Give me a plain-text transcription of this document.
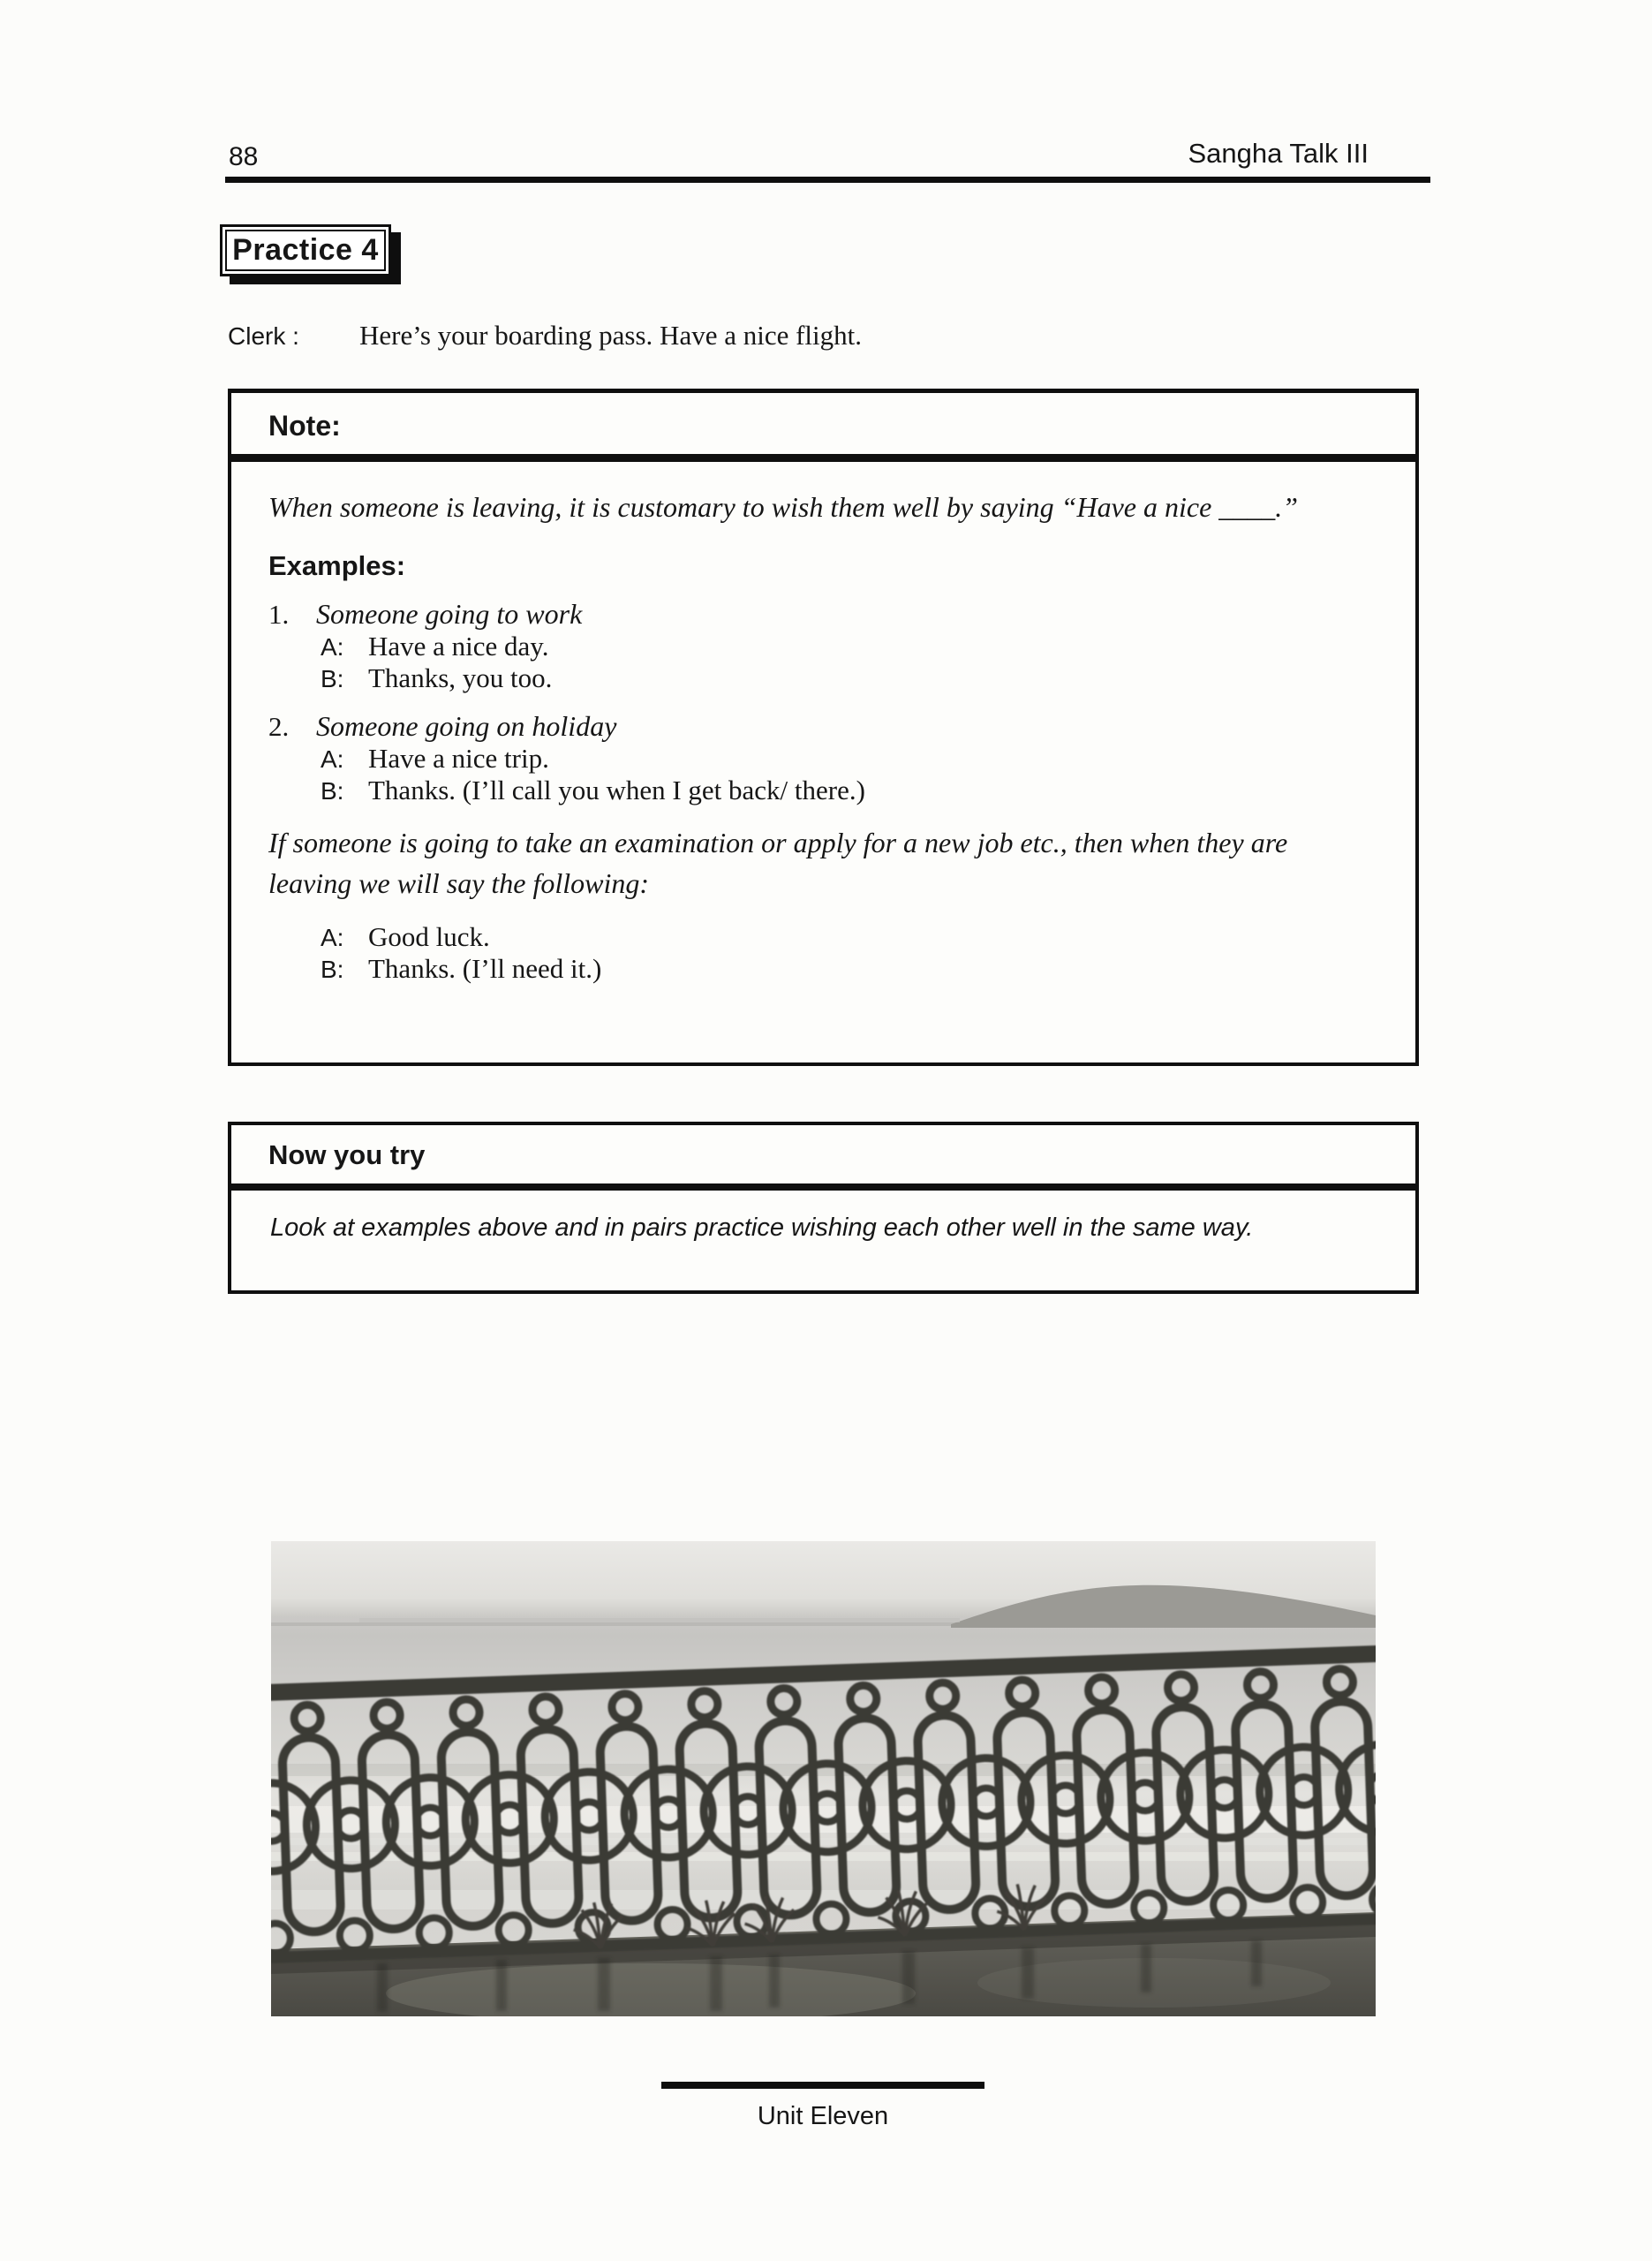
88	Sangha Talk III
Practice 4
Clerk :	Here’s your boarding pass. Have a nice flight.
Note:

When someone is leaving, it is customary to wish them well by saying “Have a nice ____.”

Examples:

1. Someone going to work
A: Have a nice day.
B: Thanks, you too.
2. Someone going on holiday
A: Have a nice trip.
B: Thanks. (I’ll call you when I get back/ there.)

If someone is going to take an examination or apply for a new job etc., then when they are

leaving we will say the following:

A: Good luck.
B: Thanks. (I’ll need it.)
Now you try
Look at examples above and in pairs practice wishing each other well in the same way.
Unit Eleven
